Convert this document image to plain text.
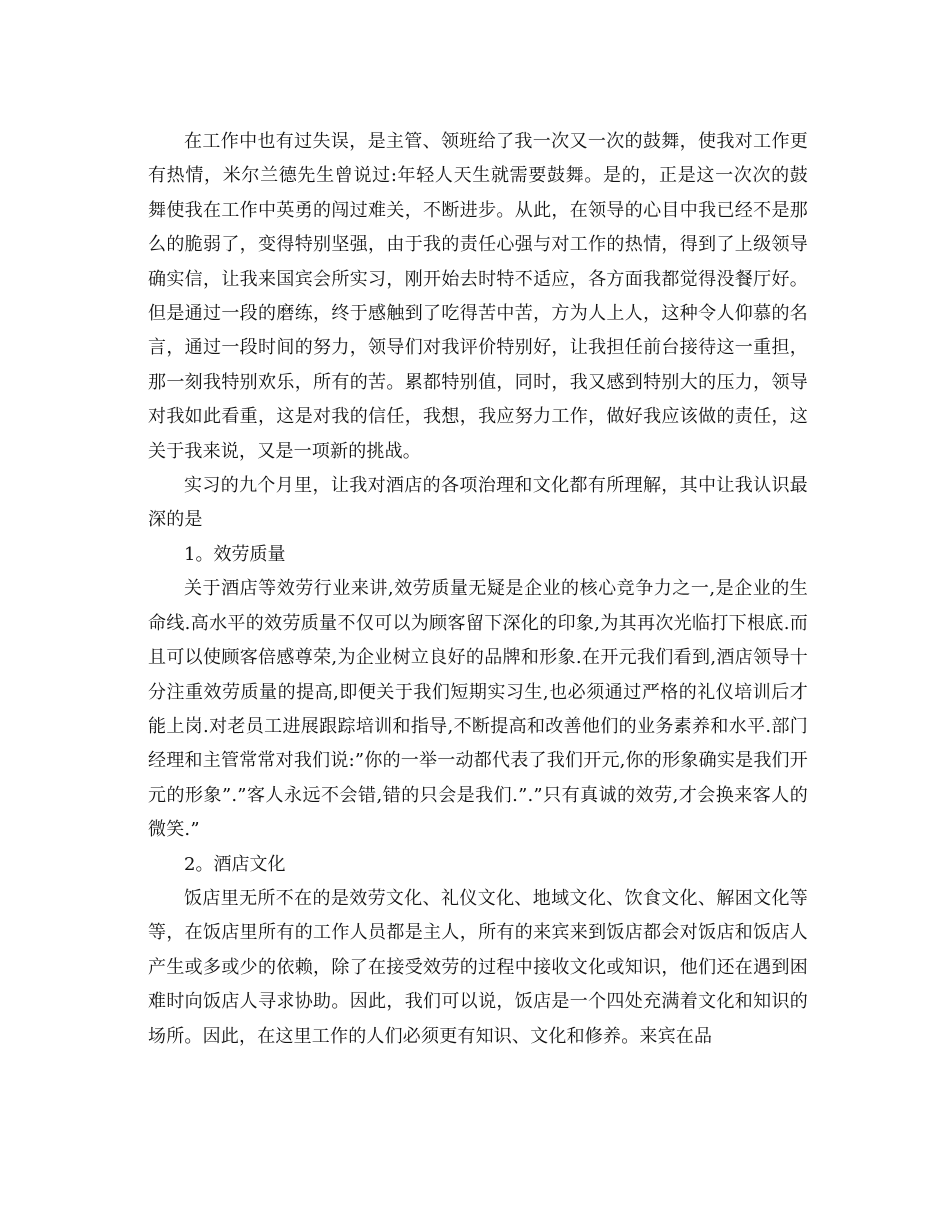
在工作中也有过失误，是主管、领班给了我一次又一次的鼓舞，使我对工作更有热情，米尔兰德先生曾说过:年轻人天生就需要鼓舞。是的，正是这一次次的鼓舞使我在工作中英勇的闯过难关，不断进步。从此，在领导的心目中我已经不是那么的脆弱了，变得特别坚强，由于我的责任心强与对工作的热情，得到了上级领导确实信，让我来国宾会所实习，刚开始去时特不适应，各方面我都觉得没餐厅好。但是通过一段的磨练，终于感触到了吃得苦中苦，方为人上人，这种令人仰慕的名言，通过一段时间的努力，领导们对我评价特别好，让我担任前台接待这一重担，那一刻我特别欢乐，所有的苦。累都特别值，同时，我又感到特别大的压力，领导对我如此看重，这是对我的信任，我想，我应努力工作，做好我应该做的责任，这关于我来说，又是一项新的挑战。

实习的九个月里，让我对酒店的各项治理和文化都有所理解，其中让我认识最深的是

1。效劳质量

关于酒店等效劳行业来讲,效劳质量无疑是企业的核心竞争力之一,是企业的生命线.高水平的效劳质量不仅可以为顾客留下深化的印象,为其再次光临打下根底.而且可以使顾客倍感尊荣,为企业树立良好的品牌和形象.在开元我们看到,酒店领导十分注重效劳质量的提高,即便关于我们短期实习生,也必须通过严格的礼仪培训后才能上岗.对老员工进展跟踪培训和指导,不断提高和改善他们的业务素养和水平.部门经理和主管常常对我们说:”你的一举一动都代表了我们开元,你的形象确实是我们开元的形象”.”客人永远不会错,错的只会是我们.”.”只有真诚的效劳,才会换来客人的微笑.”

2。酒店文化

饭店里无所不在的是效劳文化、礼仪文化、地域文化、饮食文化、解困文化等等，在饭店里所有的工作人员都是主人，所有的来宾来到饭店都会对饭店和饭店人产生或多或少的依赖，除了在接受效劳的过程中接收文化或知识，他们还在遇到困难时向饭店人寻求协助。因此，我们可以说，饭店是一个四处充满着文化和知识的场所。因此，在这里工作的人们必须更有知识、文化和修养。来宾在品
